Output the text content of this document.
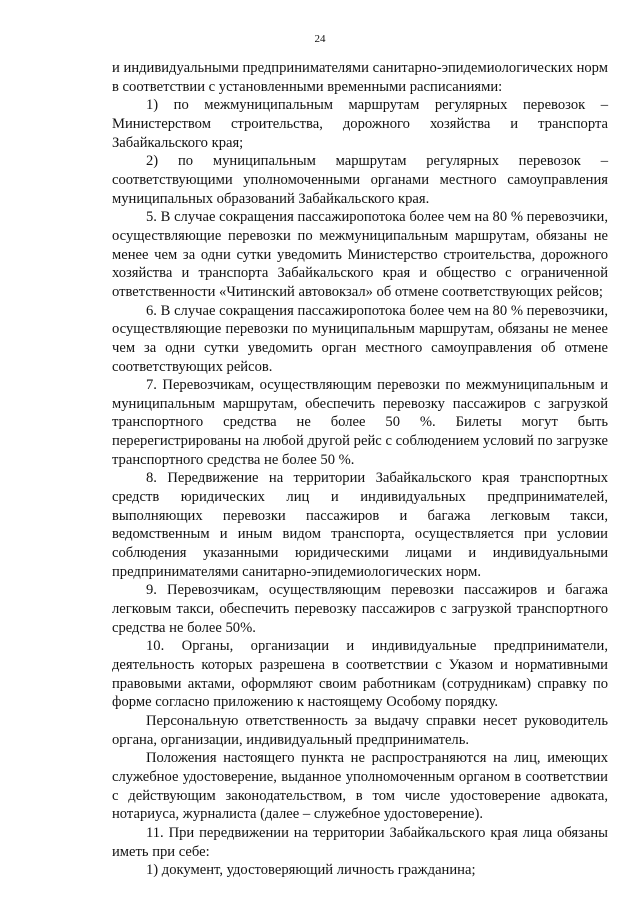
24

и индивидуальными предпринимателями санитарно-эпидемиологических норм в соответствии с установленными временными расписаниями:

1) по межмуниципальным маршрутам регулярных перевозок – Министерством строительства, дорожного хозяйства и транспорта Забайкальского края;

2) по муниципальным маршрутам регулярных перевозок – соответствующими уполномоченными органами местного самоуправления муниципальных образований Забайкальского края.

5. В случае сокращения пассажиропотока более чем на 80 % перевозчики, осуществляющие перевозки по межмуниципальным маршрутам, обязаны не менее чем за одни сутки уведомить Министерство строительства, дорожного хозяйства и транспорта Забайкальского края и общество с ограниченной ответственности «Читинский автовокзал» об отмене соответствующих рейсов;

6. В случае сокращения пассажиропотока более чем на 80 % перевозчики, осуществляющие перевозки по муниципальным маршрутам, обязаны не менее чем за одни сутки уведомить орган местного самоуправления об отмене соответствующих рейсов.

7. Перевозчикам, осуществляющим перевозки по межмуниципальным и муниципальным маршрутам, обеспечить перевозку пассажиров с загрузкой транспортного средства не более 50 %. Билеты могут быть перерегистрированы на любой другой рейс с соблюдением условий по загрузке транспортного средства не более 50 %.

8. Передвижение на территории Забайкальского края транспортных средств юридических лиц и индивидуальных предпринимателей, выполняющих перевозки пассажиров и багажа легковым такси, ведомственным и иным видом транспорта, осуществляется при условии соблюдения указанными юридическими лицами и индивидуальными предпринимателями санитарно-эпидемиологических норм.

9. Перевозчикам, осуществляющим перевозки пассажиров и багажа легковым такси, обеспечить перевозку пассажиров с загрузкой транспортного средства не более 50%.

10. Органы, организации и индивидуальные предприниматели, деятельность которых разрешена в соответствии с Указом и нормативными правовыми актами, оформляют своим работникам (сотрудникам) справку по форме согласно приложению к настоящему Особому порядку.

Персональную ответственность за выдачу справки несет руководитель органа, организации, индивидуальный предприниматель.

Положения настоящего пункта не распространяются на лиц, имеющих служебное удостоверение, выданное уполномоченным органом в соответствии с действующим законодательством, в том числе удостоверение адвоката, нотариуса, журналиста (далее – служебное удостоверение).

11. При передвижении на территории Забайкальского края лица обязаны иметь при себе:

1) документ, удостоверяющий личность гражданина;
